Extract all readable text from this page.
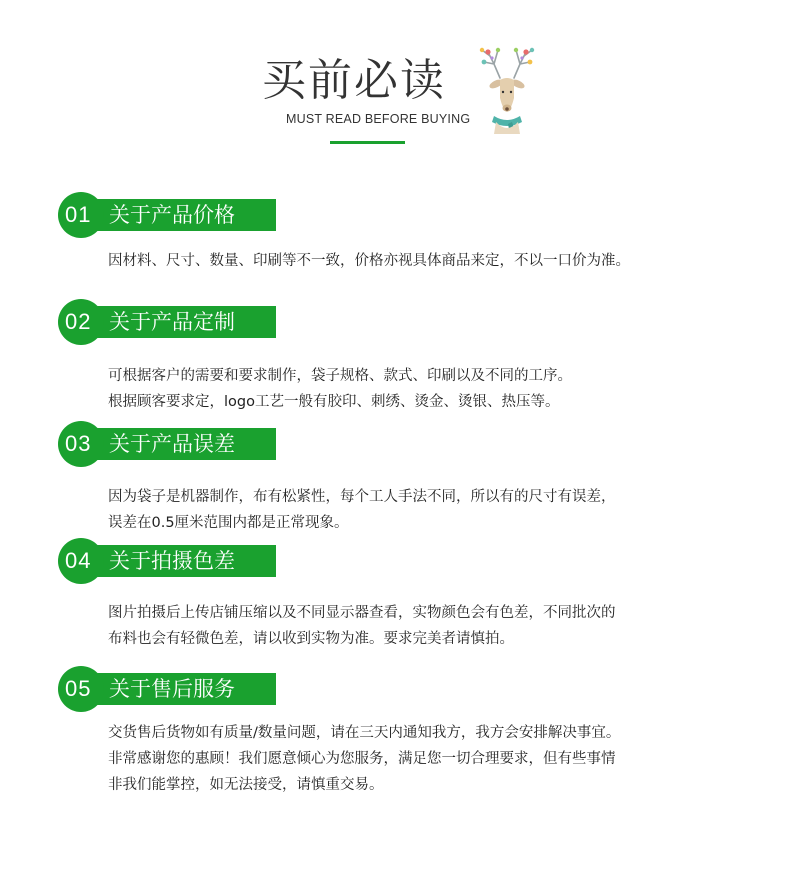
买前必读
MUST READ BEFORE BUYING
01 关于产品价格
因材料、尺寸、数量、印刷等不一致，价格亦视具体商品来定，不以一口价为准。
02 关于产品定制
可根据客户的需要和要求制作，袋子规格、款式、印刷以及不同的工序。
根据顾客要求定，logo工艺一般有胶印、刺绣、烫金、烫银、热压等。
03 关于产品误差
因为袋子是机器制作，布有松紧性，每个工人手法不同，所以有的尺寸有误差，
误差在0.5厘米范围内都是正常现象。
04 关于拍摄色差
图片拍摄后上传店铺压缩以及不同显示器查看，实物颜色会有色差，不同批次的
布料也会有轻微色差，请以收到实物为准。要求完美者请慎拍。
05 关于售后服务
交货售后货物如有质量/数量问题，请在三天内通知我方，我方会安排解决事宜。
非常感谢您的惠顾！我们愿意倾心为您服务，满足您一切合理要求，但有些事情
非我们能掌控，如无法接受，请慎重交易。
